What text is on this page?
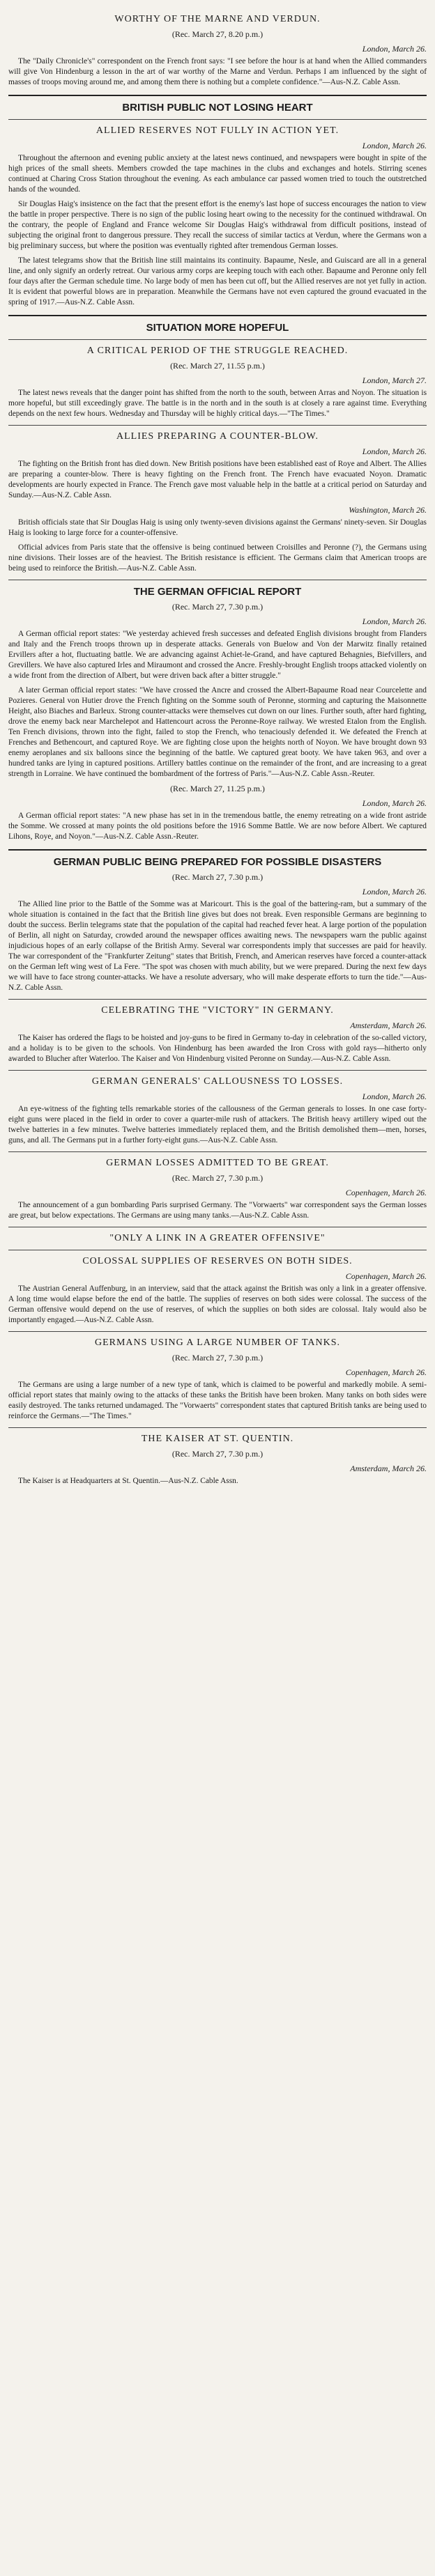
WORTHY OF THE MARNE AND VERDUN.
(Rec. March 27, 8.20 p.m.)
London, March 26.

The "Daily Chronicle's" correspondent on the French front says: "I see before the hour is at hand when the Allied commanders will give Von Hindenburg a lesson in the art of war worthy of the Marne and Verdun. Perhaps I am influenced by the sight of masses of troops moving around me, and among them there is nothing but a complete confidence."—Aus-N.Z. Cable Assn.

BRITISH PUBLIC NOT LOSING HEART
ALLIED RESERVES NOT FULLY IN ACTION YET.
London, March 26.

Throughout the afternoon and evening public anxiety at the latest news continued, and newspapers were bought in spite of the high prices of the small sheets. Members crowded the tape machines in the clubs and exchanges and hotels. Stirring scenes continued at Charing Cross Station throughout the evening. As each ambulance car passed women tried to touch the outstretched hands of the wounded.

Sir Douglas Haig's insistence on the fact that the present effort is the enemy's last hope of success encourages the nation to view the battle in proper perspective. There is no sign of the public losing heart owing to the necessity for the continued withdrawal. On the contrary, the people of England and France welcome Sir Douglas Haig's withdrawal from difficult positions, instead of subjecting the original front to dangerous pressure. They recall the success of similar tactics at Verdun, where the Germans won a big preliminary success, but where the position was eventually righted after tremendous German losses.

The latest telegrams show that the British line still maintains its continuity. Bapaume, Nesle, and Guiscard are all in a general line, and only signify an orderly retreat. Our various army corps are keeping touch with each other. Bapaume and Peronne only fell four days after the German schedule time. No large body of men has been cut off, but the Allied reserves are not yet fully in action. It is evident that powerful blows are in preparation. Meanwhile the Germans have not even captured the ground evacuated in the spring of 1917.—Aus-N.Z. Cable Assn.

SITUATION MORE HOPEFUL
A CRITICAL PERIOD OF THE STRUGGLE REACHED.
(Rec. March 27, 11.55 p.m.)
London, March 27.

The latest news reveals that the danger point has shifted from the north to the south, between Arras and Noyon. The situation is more hopeful, but still exceedingly grave. The battle is in the north and in the south is at closely a rare against time. Everything depends on the next few hours. Wednesday and Thursday will be highly critical days.—"The Times."

ALLIES PREPARING A COUNTER-BLOW.
London, March 26.

The fighting on the British front has died down. New British positions have been established east of Roye and Albert. The Allies are preparing a counter-blow. There is heavy fighting on the French front. The French have evacuated Noyon. Dramatic developments are hourly expected in France. The French gave most valuable help in the battle at a critical period on Saturday and Sunday.—Aus-N.Z. Cable Assn.

Washington, March 26.

British officials state that Sir Douglas Haig is using only twenty-seven divisions against the Germans' ninety-seven. Sir Douglas Haig is looking to large force for a counter-offensive.

Official advices from Paris state that the offensive is being continued between Croisilles and Peronne (?), the Germans using nine divisions. Their losses are of the heaviest. The British resistance is efficient. The Germans claim that American troops are being used to reinforce the British.—Aus-N.Z. Cable Assn.

THE GERMAN OFFICIAL REPORT
(Rec. March 27, 7.30 p.m.)
London, March 26.

A German official report states: "We yesterday achieved fresh successes and defeated English divisions brought from Flanders and Italy and the French troops thrown up in desperate attacks. Generals von Buelow and Von der Marwitz finally retained Ervillers after a hot, fluctuating battle. We are advancing against Achiet-le-Grand, and have captured Behagnies, Biefvillers, and Grevillers. We have also captured Irles and Miraumont and crossed the Ancre. Freshly-brought English troops attacked violently on a wide front from the direction of Albert, but were driven back after a bitter struggle."

A later German official report states: "We have crossed the Ancre and crossed the Albert-Bapaume Road near Courcelette and Pozieres. General von Hutier drove the French fighting on the Somme south of Peronne, storming and capturing the Maisonnette Height, also Biaches and Barleux. Strong counter-attacks were themselves cut down on our lines. Further south, after hard fighting, drove the enemy back near Marchelepot and Hattencourt across the Peronne-Roye railway. We wrested Etalon from the English. Ten French divisions, thrown into the fight, failed to stop the French, who tenaciously defended it. We defeated the French at Frenches and Bethencourt, and captured Roye. We are fighting close upon the heights north of Noyon. We have brought down 93 enemy aeroplanes and six balloons since the beginning of the battle. We captured great booty. We have taken 963, and over a hundred tanks are lying in captured positions. Artillery battles continue on the remainder of the front, and are increasing to a great strength in Lorraine. We have continued the bombardment of the fortress of Paris."—Aus-N.Z. Cable Assn.-Reuter.

(Rec. March 27, 11.25 p.m.)
London, March 26.

A German official report states: "A new phase has set in in the tremendous battle, the enemy retreating on a wide front astride the Somme. We crossed at many points the old positions before the 1916 Somme Battle. We are now before Albert. We captured Lihons, Roye, and Noyon."—Aus-N.Z. Cable Assn.-Reuter.

GERMAN PUBLIC BEING PREPARED FOR POSSIBLE DISASTERS
(Rec. March 27, 7.30 p.m.)
London, March 26.

The Allied line prior to the Battle of the Somme was at Maricourt. This is the goal of the battering-ram, but a summary of the whole situation is contained in the fact that the British line gives but does not break. Even responsible Germans are beginning to doubt the success. Berlin telegrams state that the population of the capital had reached fever heat. A large portion of the population of Berlin, all night on Saturday, crowded around the newspaper offices awaiting news. The newspapers warn the public against injudicious hopes of an early collapse of the British Army. Several war correspondents imply that successes are paid for heavily. The war correspondent of the "Frankfurter Zeitung" states that British, French, and American reserves have forced a counter-attack on the German left wing west of La Fere. "The spot was chosen with much ability, but we were prepared. During the next few days we will have to face strong counter-attacks. We have a resolute adversary, who will make desperate efforts to turn the tide."—Aus-N.Z. Cable Assn.

CELEBRATING THE "VICTORY" IN GERMANY.
Amsterdam, March 26.

The Kaiser has ordered the flags to be hoisted and joy-guns to be fired in Germany to-day in celebration of the so-called victory, and a holiday is to be given to the schools. Von Hindenburg has been awarded the Iron Cross with gold rays—hitherto only awarded to Blucher after Waterloo. The Kaiser and Von Hindenburg visited Peronne on Sunday.—Aus-N.Z. Cable Assn.

GERMAN GENERALS' CALLOUSNESS TO LOSSES.
London, March 26.

An eye-witness of the fighting tells remarkable stories of the callousness of the German generals to losses. In one case forty-eight guns were placed in the field in order to cover a quarter-mile rush of attackers. The British heavy artillery wiped out the twelve batteries in a few minutes. Twelve batteries immediately replaced them, and the British demolished them—men, horses, guns, and all. The Germans put in a further forty-eight guns.—Aus-N.Z. Cable Assn.

GERMAN LOSSES ADMITTED TO BE GREAT.
(Rec. March 27, 7.30 p.m.)
Copenhagen, March 26.

The announcement of a gun bombarding Paris surprised Germany. The "Vorwaerts" war correspondent says the German losses are great, but below expectations. The Germans are using many tanks.—Aus-N.Z. Cable Assn.

"ONLY A LINK IN A GREATER OFFENSIVE"
COLOSSAL SUPPLIES OF RESERVES ON BOTH SIDES.
Copenhagen, March 26.

The Austrian General Auffenburg, in an interview, said that the attack against the British was only a link in a greater offensive. A long time would elapse before the end of the battle. The supplies of reserves on both sides were colossal. The success of the German offensive would depend on the use of reserves, of which the supplies on both sides are colossal. Italy would also be importantly engaged.—Aus-N.Z. Cable Assn.

GERMANS USING A LARGE NUMBER OF TANKS.
(Rec. March 27, 7.30 p.m.)
Copenhagen, March 26.

The Germans are using a large number of a new type of tank, which is claimed to be powerful and markedly mobile. A semi-official report states that mainly owing to the attacks of these tanks the British have been broken. Many tanks on both sides were easily destroyed. The tanks returned undamaged. The "Vorwaerts" correspondent states that captured British tanks are being used to reinforce the Germans.—"The Times."

THE KAISER AT ST. QUENTIN.
(Rec. March 27, 7.30 p.m.)
Amsterdam, March 26.

The Kaiser is at Headquarters at St. Quentin.—Aus-N.Z. Cable Assn.
